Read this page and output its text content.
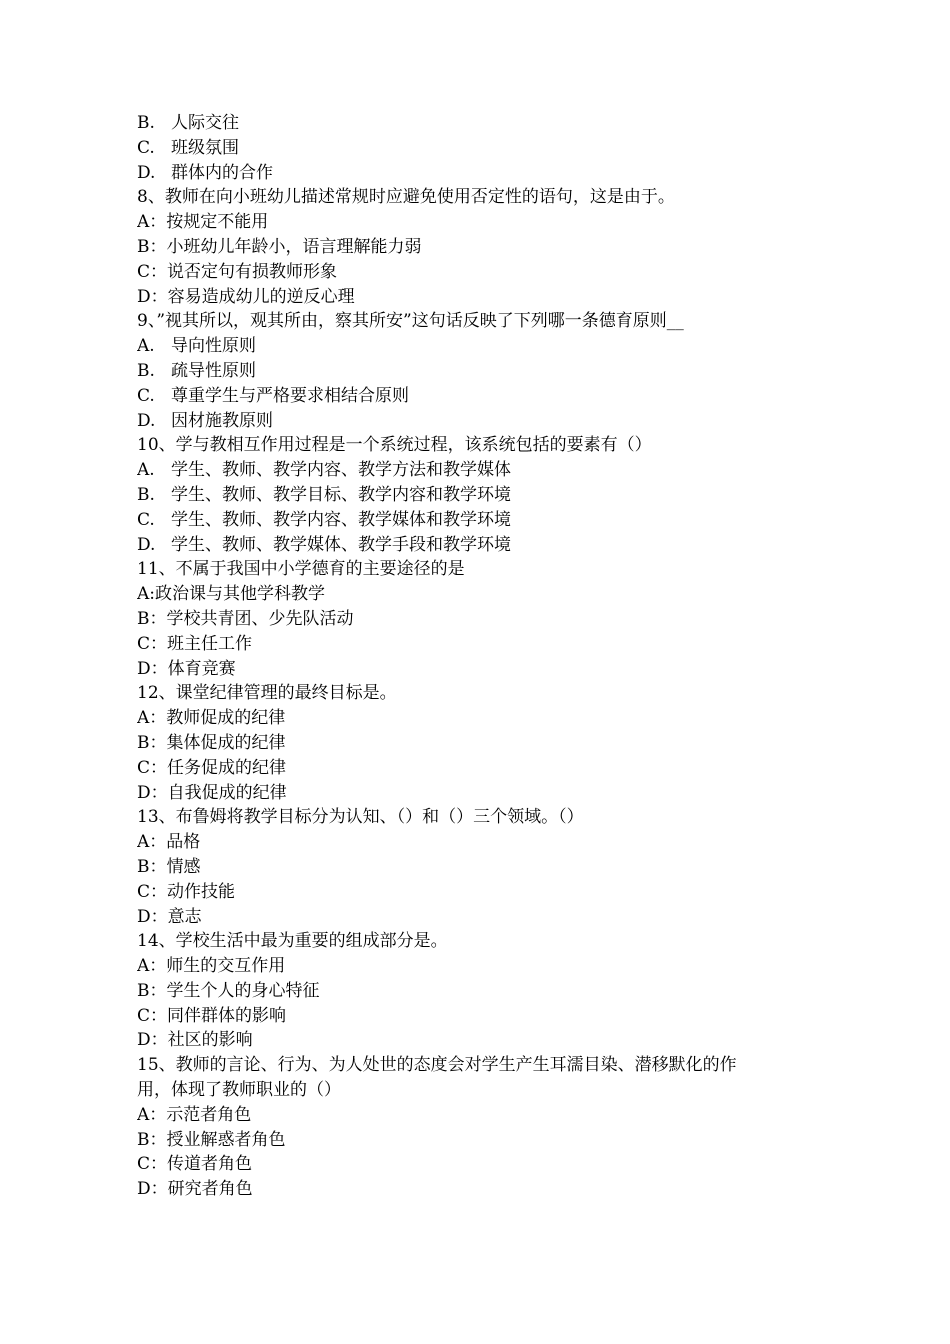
B. 人际交往
C. 班级氛围
D. 群体内的合作
8、教师在向小班幼儿描述常规时应避免使用否定性的语句，这是由于。
A：按规定不能用
B：小班幼儿年龄小，语言理解能力弱
C：说否定句有损教师形象
D：容易造成幼儿的逆反心理
9、”视其所以，观其所由，察其所安”这句话反映了下列哪一条德育原则__
A. 导向性原则
B. 疏导性原则
C. 尊重学生与严格要求相结合原则
D. 因材施教原则
10、学与教相互作用过程是一个系统过程，该系统包括的要素有（）
A. 学生、教师、教学内容、教学方法和教学媒体
B. 学生、教师、教学目标、教学内容和教学环境
C. 学生、教师、教学内容、教学媒体和教学环境
D. 学生、教师、教学媒体、教学手段和教学环境
11、不属于我国中小学德育的主要途径的是
A:政治课与其他学科教学
B：学校共青团、少先队活动
C：班主任工作
D：体育竞赛
12、课堂纪律管理的最终目标是。
A：教师促成的纪律
B：集体促成的纪律
C：任务促成的纪律
D：自我促成的纪律
13、布鲁姆将教学目标分为认知、（）和（）三个领域。（）
A：品格
B：情感
C：动作技能
D：意志
14、学校生活中最为重要的组成部分是。
A：师生的交互作用
B：学生个人的身心特征
C：同伴群体的影响
D：社区的影响
15、教师的言论、行为、为人处世的态度会对学生产生耳濡目染、潜移默化的作
用，体现了教师职业的（）
A：示范者角色
B：授业解惑者角色
C：传道者角色
D：研究者角色
